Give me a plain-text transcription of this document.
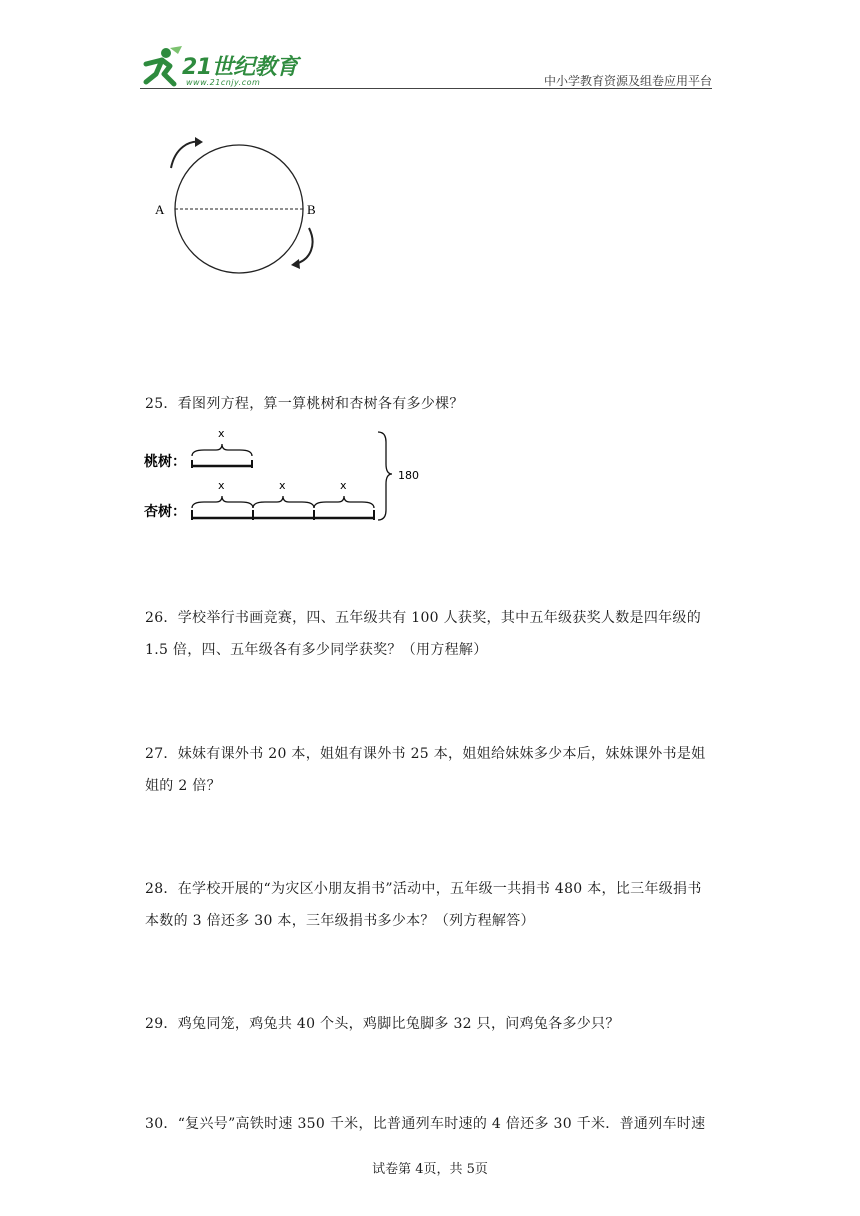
21世纪教育
www.21cnjy.com	中小学教育资源及组卷应用平台
A	B
25．看图列方程，算一算桃树和杏树各有多少棵？
桃树：
杏树：
x
x	x	x
180
26．学校举行书画竞赛，四、五年级共有 100 人获奖，其中五年级获奖人数是四年级的
1.5 倍，四、五年级各有多少同学获奖？（用方程解）
27．妹妹有课外书 20 本，姐姐有课外书 25 本，姐姐给妹妹多少本后，妹妹课外书是姐
姐的 2 倍？
28．在学校开展的“为灾区小朋友捐书”活动中，五年级一共捐书 480 本，比三年级捐书
本数的 3 倍还多 30 本，三年级捐书多少本？（列方程解答）
29．鸡兔同笼，鸡兔共 40 个头，鸡脚比兔脚多 32 只，问鸡兔各多少只？
30．“复兴号”高铁时速 350 千米，比普通列车时速的 4 倍还多 30 千米．普通列车时速
试卷第 4页，共 5页
